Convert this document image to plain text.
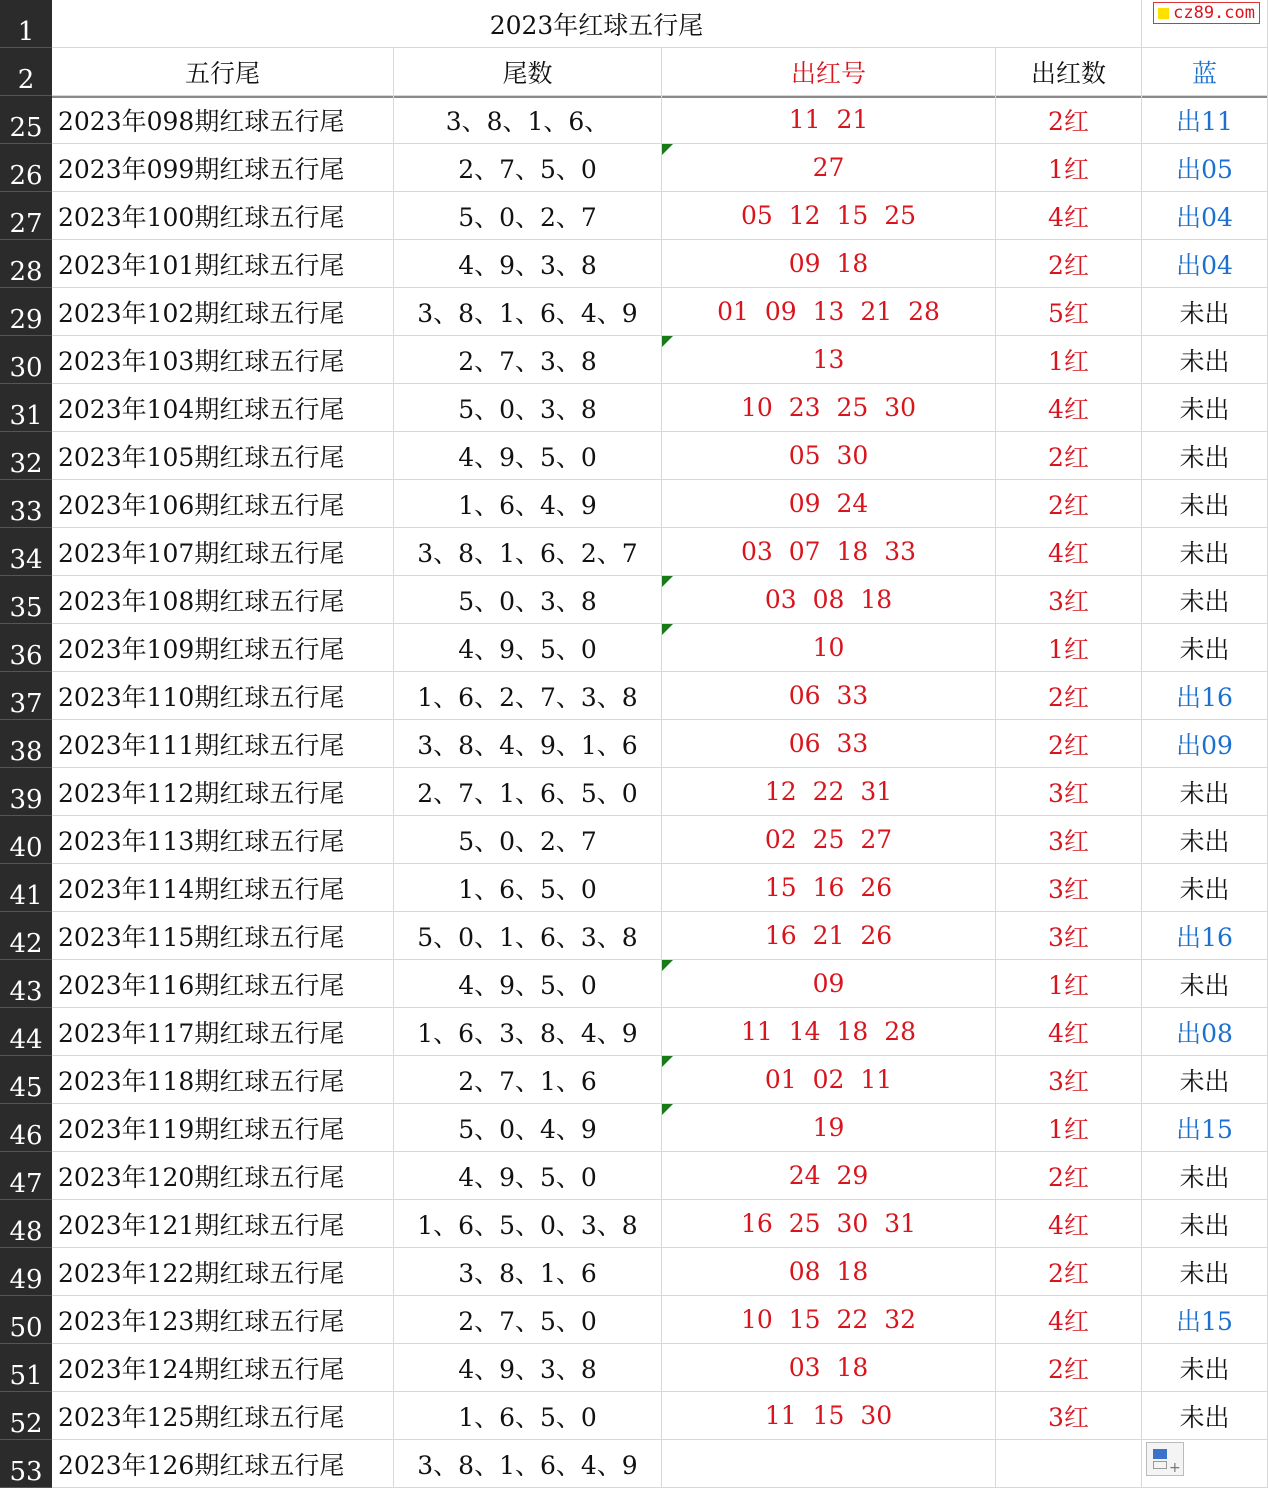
1	2023年红球五行尾
2	五行尾	尾数	出红号	出红数	蓝
25 2023年098期红球五行尾	3、8、1、6、	11 21	2红	出11
26 2023年099期红球五行尾	2、7、5、0	27	1红	出05
27 2023年100期红球五行尾	5、0、2、7	05 12 15 25	4红	出04
28 2023年101期红球五行尾	4、9、3、8	09 18	2红	出04
29 2023年102期红球五行尾	3、8、1、6、4、9	01 09 13 21 28	5红	未出
30 2023年103期红球五行尾	2、7、3、8	13	1红	未出
31 2023年104期红球五行尾	5、0、3、8	10 23 25 30	4红	未出
32 2023年105期红球五行尾	4、9、5、0	05 30	2红	未出
33 2023年106期红球五行尾	1、6、4、9	09 24	2红	未出
34 2023年107期红球五行尾	3、8、1、6、2、7	03 07 18 33	4红	未出
35 2023年108期红球五行尾	5、0、3、8	03 08 18	3红	未出
36 2023年109期红球五行尾	4、9、5、0	10	1红	未出
37 2023年110期红球五行尾	1、6、2、7、3、8	06 33	2红	出16
38 2023年111期红球五行尾	3、8、4、9、1、6	06 33	2红	出09
39 2023年112期红球五行尾	2、7、1、6、5、0	12 22 31	3红	未出
40 2023年113期红球五行尾	5、0、2、7	02 25 27	3红	未出
41 2023年114期红球五行尾	1、6、5、0	15 16 26	3红	未出
42 2023年115期红球五行尾	5、0、1、6、3、8	16 21 26	3红	出16
43 2023年116期红球五行尾	4、9、5、0	09	1红	未出
44 2023年117期红球五行尾	1、6、3、8、4、9	11 14 18 28	4红	出08
45 2023年118期红球五行尾	2、7、1、6	01 02 11	3红	未出
46 2023年119期红球五行尾	5、0、4、9	19	1红	出15
47 2023年120期红球五行尾	4、9、5、0	24 29	2红	未出
48 2023年121期红球五行尾	1、6、5、0、3、8	16 25 30 31	4红	未出
49 2023年122期红球五行尾	3、8、1、6	08 18	2红	未出
50 2023年123期红球五行尾	2、7、5、0	10 15 22 32	4红	出15
51 2023年124期红球五行尾	4、9、3、8	03 18	2红	未出
52 2023年125期红球五行尾	1、6、5、0	11 15 30	3红	未出
53 2023年126期红球五行尾	3、8、1、6、4、9
cz89.com
+
